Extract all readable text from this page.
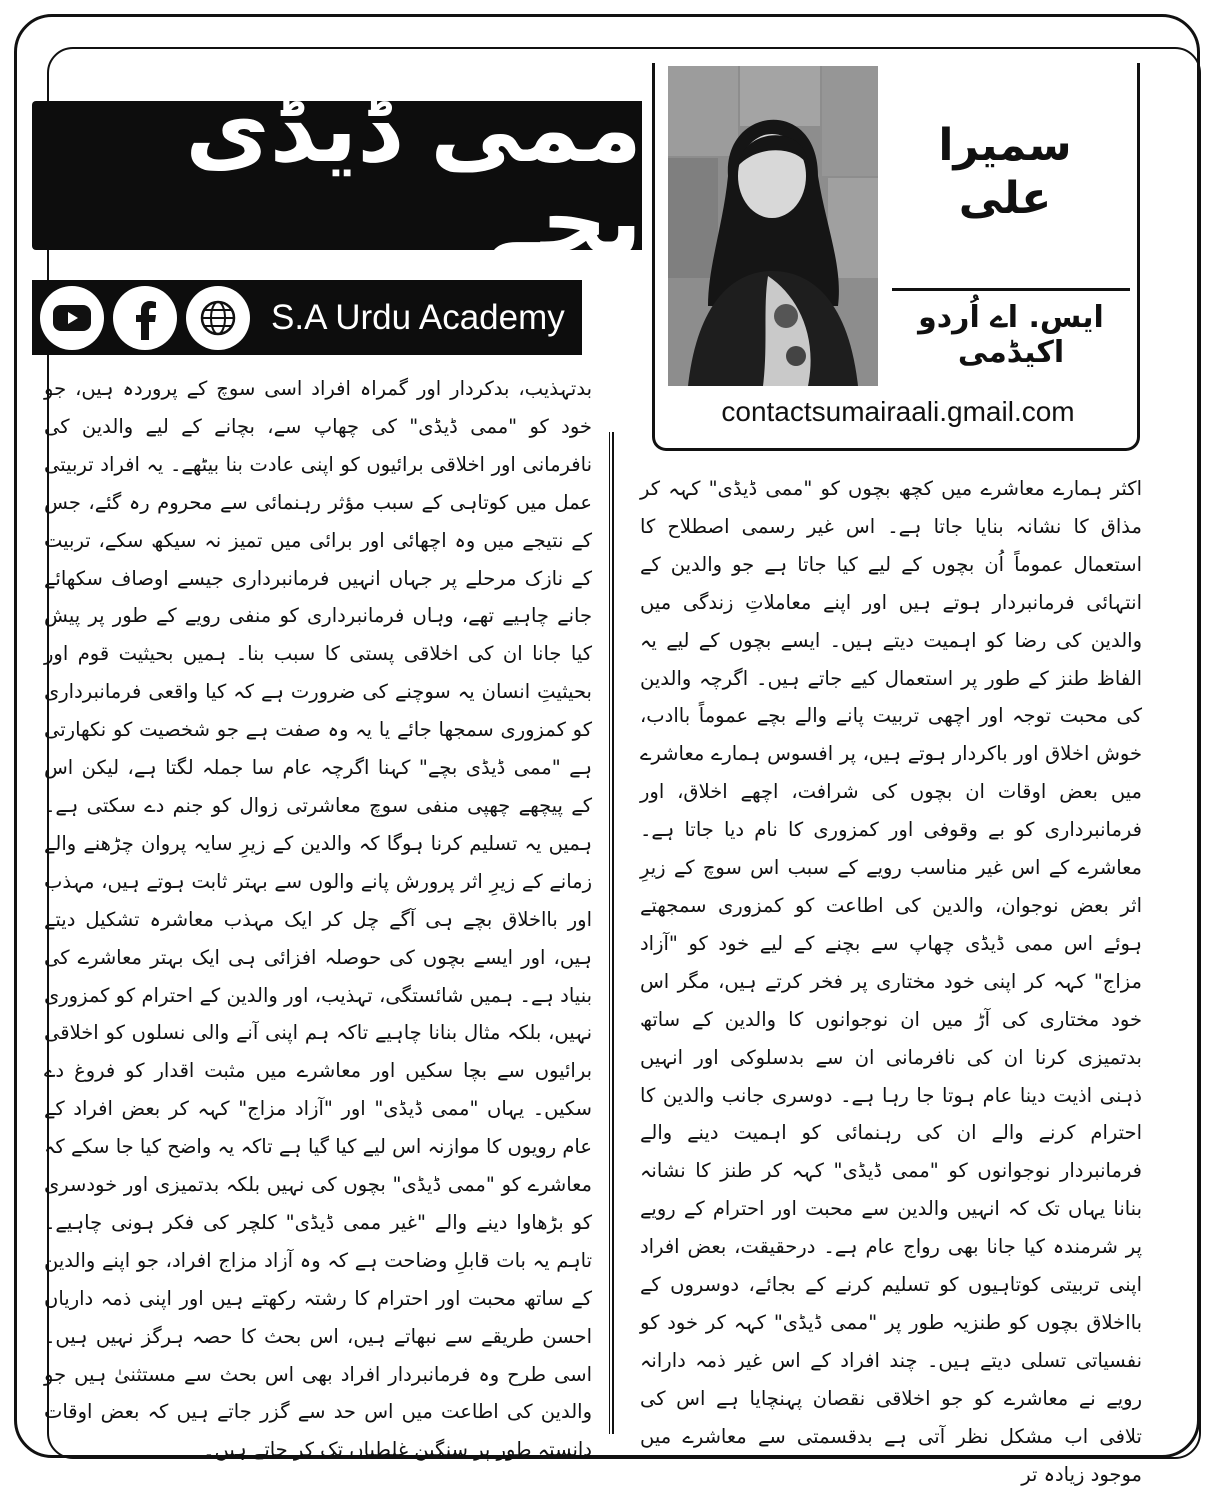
ممی ڈیڈی بچے
S.A Urdu Academy
سمیرا علی
ایس. اے اُردو اکیڈمی
contactsumairaali.gmail.com
اکثر ہمارے معاشرے میں کچھ بچوں کو "ممی ڈیڈی" کہہ کر مذاق کا نشانہ بنایا جاتا ہے۔ اس غیر رسمی اصطلاح کا استعمال عموماً اُن بچوں کے لیے کیا جاتا ہے جو والدین کے انتہائی فرمانبردار ہوتے ہیں اور اپنے معاملاتِ زندگی میں والدین کی رضا کو اہمیت دیتے ہیں۔ ایسے بچوں کے لیے یہ الفاظ طنز کے طور پر استعمال کیے جاتے ہیں۔ اگرچہ والدین کی محبت توجہ اور اچھی تربیت پانے والے بچے عموماً باادب، خوش اخلاق اور باکردار ہوتے ہیں، پر افسوس ہمارے معاشرے میں بعض اوقات ان بچوں کی شرافت، اچھے اخلاق، اور فرمانبرداری کو بے وقوفی اور کمزوری کا نام دیا جاتا ہے۔ معاشرے کے اس غیر مناسب رویے کے سبب اس سوچ کے زیرِ اثر بعض نوجوان، والدین کی اطاعت کو کمزوری سمجھتے ہوئے اس ممی ڈیڈی چھاپ سے بچنے کے لیے خود کو "آزاد مزاج" کہہ کر اپنی خود مختاری پر فخر کرتے ہیں، مگر اس خود مختاری کی آڑ میں ان نوجوانوں کا والدین کے ساتھ بدتمیزی کرنا ان کی نافرمانی ان سے بدسلوکی اور انہیں ذہنی اذیت دینا عام ہوتا جا رہا ہے۔ دوسری جانب والدین کا احترام کرنے والے ان کی رہنمائی کو اہمیت دینے والے فرمانبردار نوجوانوں کو "ممی ڈیڈی" کہہ کر طنز کا نشانہ بنانا یہاں تک کہ انہیں والدین سے محبت اور احترام کے رویے پر شرمندہ کیا جانا بھی رواج عام ہے۔ درحقیقت، بعض افراد اپنی تربیتی کوتاہیوں کو تسلیم کرنے کے بجائے، دوسروں کے بااخلاق بچوں کو طنزیہ طور پر "ممی ڈیڈی" کہہ کر خود کو نفسیاتی تسلی دیتے ہیں۔ چند افراد کے اس غیر ذمہ دارانہ رویے نے معاشرے کو جو اخلاقی نقصان پہنچایا ہے اس کی تلافی اب مشکل نظر آتی ہے بدقسمتی سے معاشرے میں موجود زیادہ تر
بدتہذیب، بدکردار اور گمراہ افراد اسی سوچ کے پروردہ ہیں، جو خود کو "ممی ڈیڈی" کی چھاپ سے، بچانے کے لیے والدین کی نافرمانی اور اخلاقی برائیوں کو اپنی عادت بنا بیٹھے۔ یہ افراد تربیتی عمل میں کوتاہی کے سبب مؤثر رہنمائی سے محروم رہ گئے، جس کے نتیجے میں وہ اچھائی اور برائی میں تمیز نہ سیکھ سکے، تربیت کے نازک مرحلے پر جہاں انہیں فرمانبرداری جیسے اوصاف سکھائے جانے چاہیے تھے، وہاں فرمانبرداری کو منفی رویے کے طور پر پیش کیا جانا ان کی اخلاقی پستی کا سبب بنا۔ ہمیں بحیثیت قوم اور بحیثیتِ انسان یہ سوچنے کی ضرورت ہے کہ کیا واقعی فرمانبرداری کو کمزوری سمجھا جائے یا یہ وہ صفت ہے جو شخصیت کو نکھارتی ہے "ممی ڈیڈی بچے" کہنا اگرچہ عام سا جملہ لگتا ہے، لیکن اس کے پیچھے چھپی منفی سوچ معاشرتی زوال کو جنم دے سکتی ہے۔ ہمیں یہ تسلیم کرنا ہوگا کہ والدین کے زیرِ سایہ پروان چڑھنے والے زمانے کے زیرِ اثر پرورش پانے والوں سے بہتر ثابت ہوتے ہیں، مہذب اور بااخلاق بچے ہی آگے چل کر ایک مہذب معاشرہ تشکیل دیتے ہیں، اور ایسے بچوں کی حوصلہ افزائی ہی ایک بہتر معاشرے کی بنیاد ہے۔ ہمیں شائستگی، تہذیب، اور والدین کے احترام کو کمزوری نہیں، بلکہ مثال بنانا چاہیے تاکہ ہم اپنی آنے والی نسلوں کو اخلاقی برائیوں سے بچا سکیں اور معاشرے میں مثبت اقدار کو فروغ دے سکیں۔ یہاں "ممی ڈیڈی" اور "آزاد مزاج" کہہ کر بعض افراد کے عام رویوں کا موازنہ اس لیے کیا گیا ہے تاکہ یہ واضح کیا جا سکے کہ معاشرے کو "ممی ڈیڈی" بچوں کی نہیں بلکہ بدتمیزی اور خودسری کو بڑھاوا دینے والے "غیر ممی ڈیڈی" کلچر کی فکر ہونی چاہیے۔ تاہم یہ بات قابلِ وضاحت ہے کہ وہ آزاد مزاج افراد، جو اپنے والدین کے ساتھ محبت اور احترام کا رشتہ رکھتے ہیں اور اپنی ذمہ داریاں احسن طریقے سے نبھاتے ہیں، اس بحث کا حصہ ہرگز نہیں ہیں۔ اسی طرح وہ فرمانبردار افراد بھی اس بحث سے مستثنیٰ ہیں جو والدین کی اطاعت میں اس حد سے گزر جاتے ہیں کہ بعض اوقات دانستہ طور پر سنگین غلطیاں تک کر جاتے ہیں۔
